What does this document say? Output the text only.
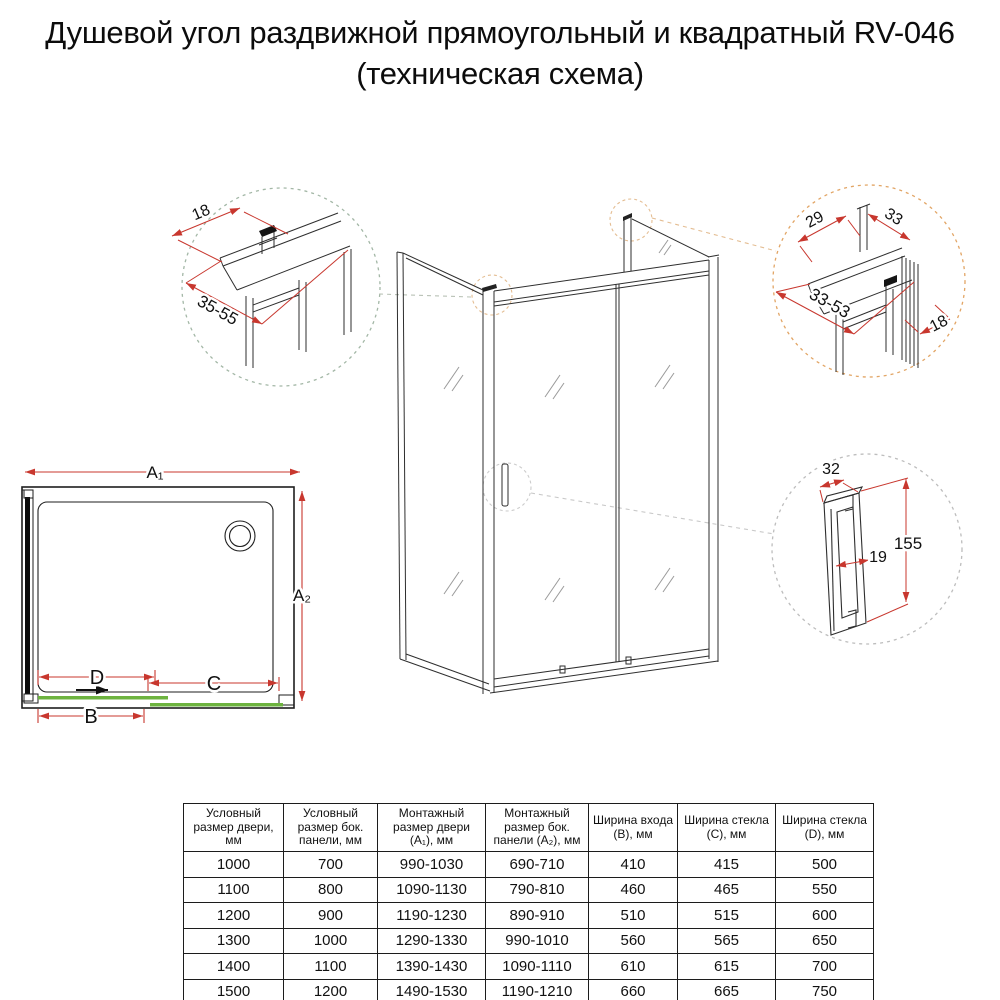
Душевой угол раздвижной прямоугольный и квадратный RV-046
(техническая схема)
18
35-55
29	33
33-53
18
32
155
19
A₁
A₂
D	C
B
Условный размер двери, мм	Условный размер бок. панели, мм	Монтажный размер двери (A₁), мм	Монтажный размер бок. панели (A₂), мм	Ширина входа (B), мм	Ширина стекла (C), мм	Ширина стекла (D), мм
1000	700	990-1030	690-710	410	415	500
1100	800	1090-1130	790-810	460	465	550
1200	900	1190-1230	890-910	510	515	600
1300	1000	1290-1330	990-1010	560	565	650
1400	1100	1390-1430	1090-1110	610	615	700
1500	1200	1490-1530	1190-1210	660	665	750
